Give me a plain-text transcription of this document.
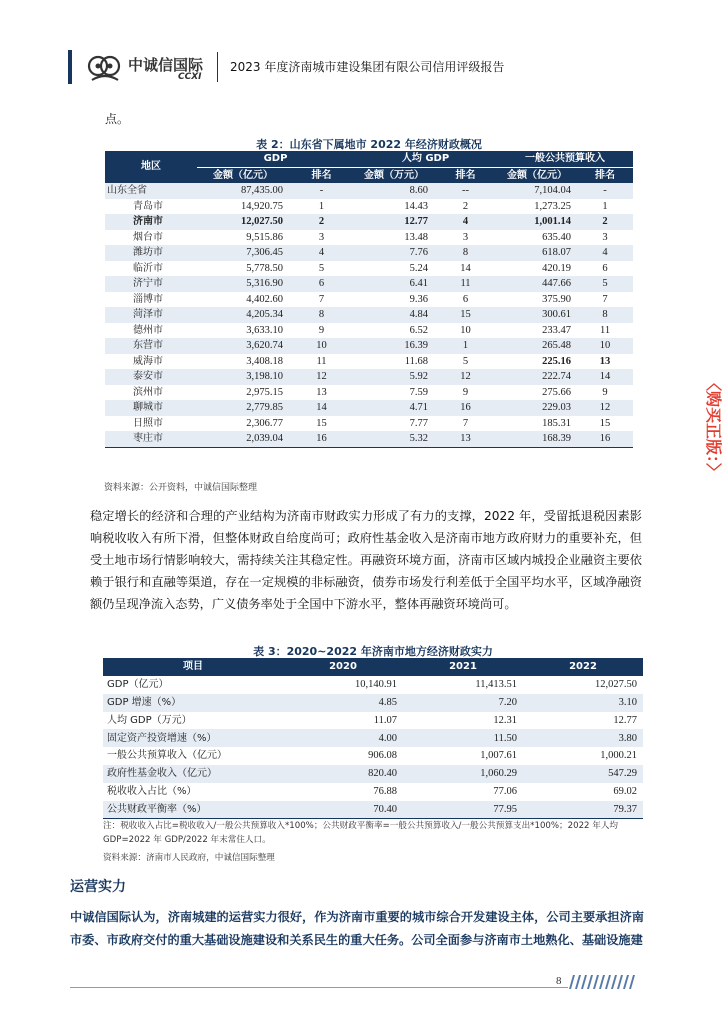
中诚信国际
CCXI
2023 年度济南城市建设集团有限公司信用评级报告
点。
表 2：山东省下属地市 2022 年经济财政概况
地区	GDP		人均 GDP		一般公共预算收入	
	金额（亿元）	排名	金额（万元）	排名	金额（亿元）	排名
山东全省	87,435.00	-	8.60	--	7,104.04	-
青岛市	14,920.75	1	14.43	2	1,273.25	1
济南市	12,027.50	2	12.77	4	1,001.14	2
烟台市	9,515.86	3	13.48	3	635.40	3
潍坊市	7,306.45	4	7.76	8	618.07	4
临沂市	5,778.50	5	5.24	14	420.19	6
济宁市	5,316.90	6	6.41	11	447.66	5
淄博市	4,402.60	7	9.36	6	375.90	7
菏泽市	4,205.34	8	4.84	15	300.61	8
德州市	3,633.10	9	6.52	10	233.47	11
东营市	3,620.74	10	16.39	1	265.48	10
威海市	3,408.18	11	11.68	5	225.16	13
泰安市	3,198.10	12	5.92	12	222.74	14
滨州市	2,975.15	13	7.59	9	275.66	9
聊城市	2,779.85	14	4.71	16	229.03	12
日照市	2,306.77	15	7.77	7	185.31	15
枣庄市	2,039.04	16	5.32	13	168.39	16
资料来源：公开资料，中诚信国际整理
稳定增长的经济和合理的产业结构为济南市财政实力形成了有力的支撑，2022 年，受留抵退税因素影响税收收入有所下滑，但整体财政自给度尚可；政府性基金收入是济南市地方政府财力的重要补充，但受土地市场行情影响较大，需持续关注其稳定性。再融资环境方面，济南市区域内城投企业融资主要依赖于银行和直融等渠道，存在一定规模的非标融资，债券市场发行利差低于全国平均水平，区域净融资额仍呈现净流入态势，广义债务率处于全国中下游水平，整体再融资环境尚可。
表 3：2020~2022 年济南市地方经济财政实力
项目	2020	2021	2022
GDP（亿元）	10,140.91	11,413.51	12,027.50
GDP 增速（%）	4.85	7.20	3.10
人均 GDP（万元）	11.07	12.31	12.77
固定资产投资增速（%）	4.00	11.50	3.80
一般公共预算收入（亿元）	906.08	1,007.61	1,000.21
政府性基金收入（亿元）	820.40	1,060.29	547.29
税收收入占比（%）	76.88	77.06	69.02
公共财政平衡率（%）	70.40	77.95	79.37
注：税收收入占比=税收收入/一般公共预算收入*100%；公共财政平衡率=一般公共预算收入/一般公共预算支出*100%；2022 年人均GDP=2022 年 GDP/2022 年末常住人口。
资料来源：济南市人民政府，中诚信国际整理
运营实力
中诚信国际认为，济南城建的运营实力很好，作为济南市重要的城市综合开发建设主体，公司主要承担济南市委、市政府交付的重大基础设施建设和关系民生的重大任务。公司全面参与济南市土地熟化、基础设施建
8
〈购买正版：〉
